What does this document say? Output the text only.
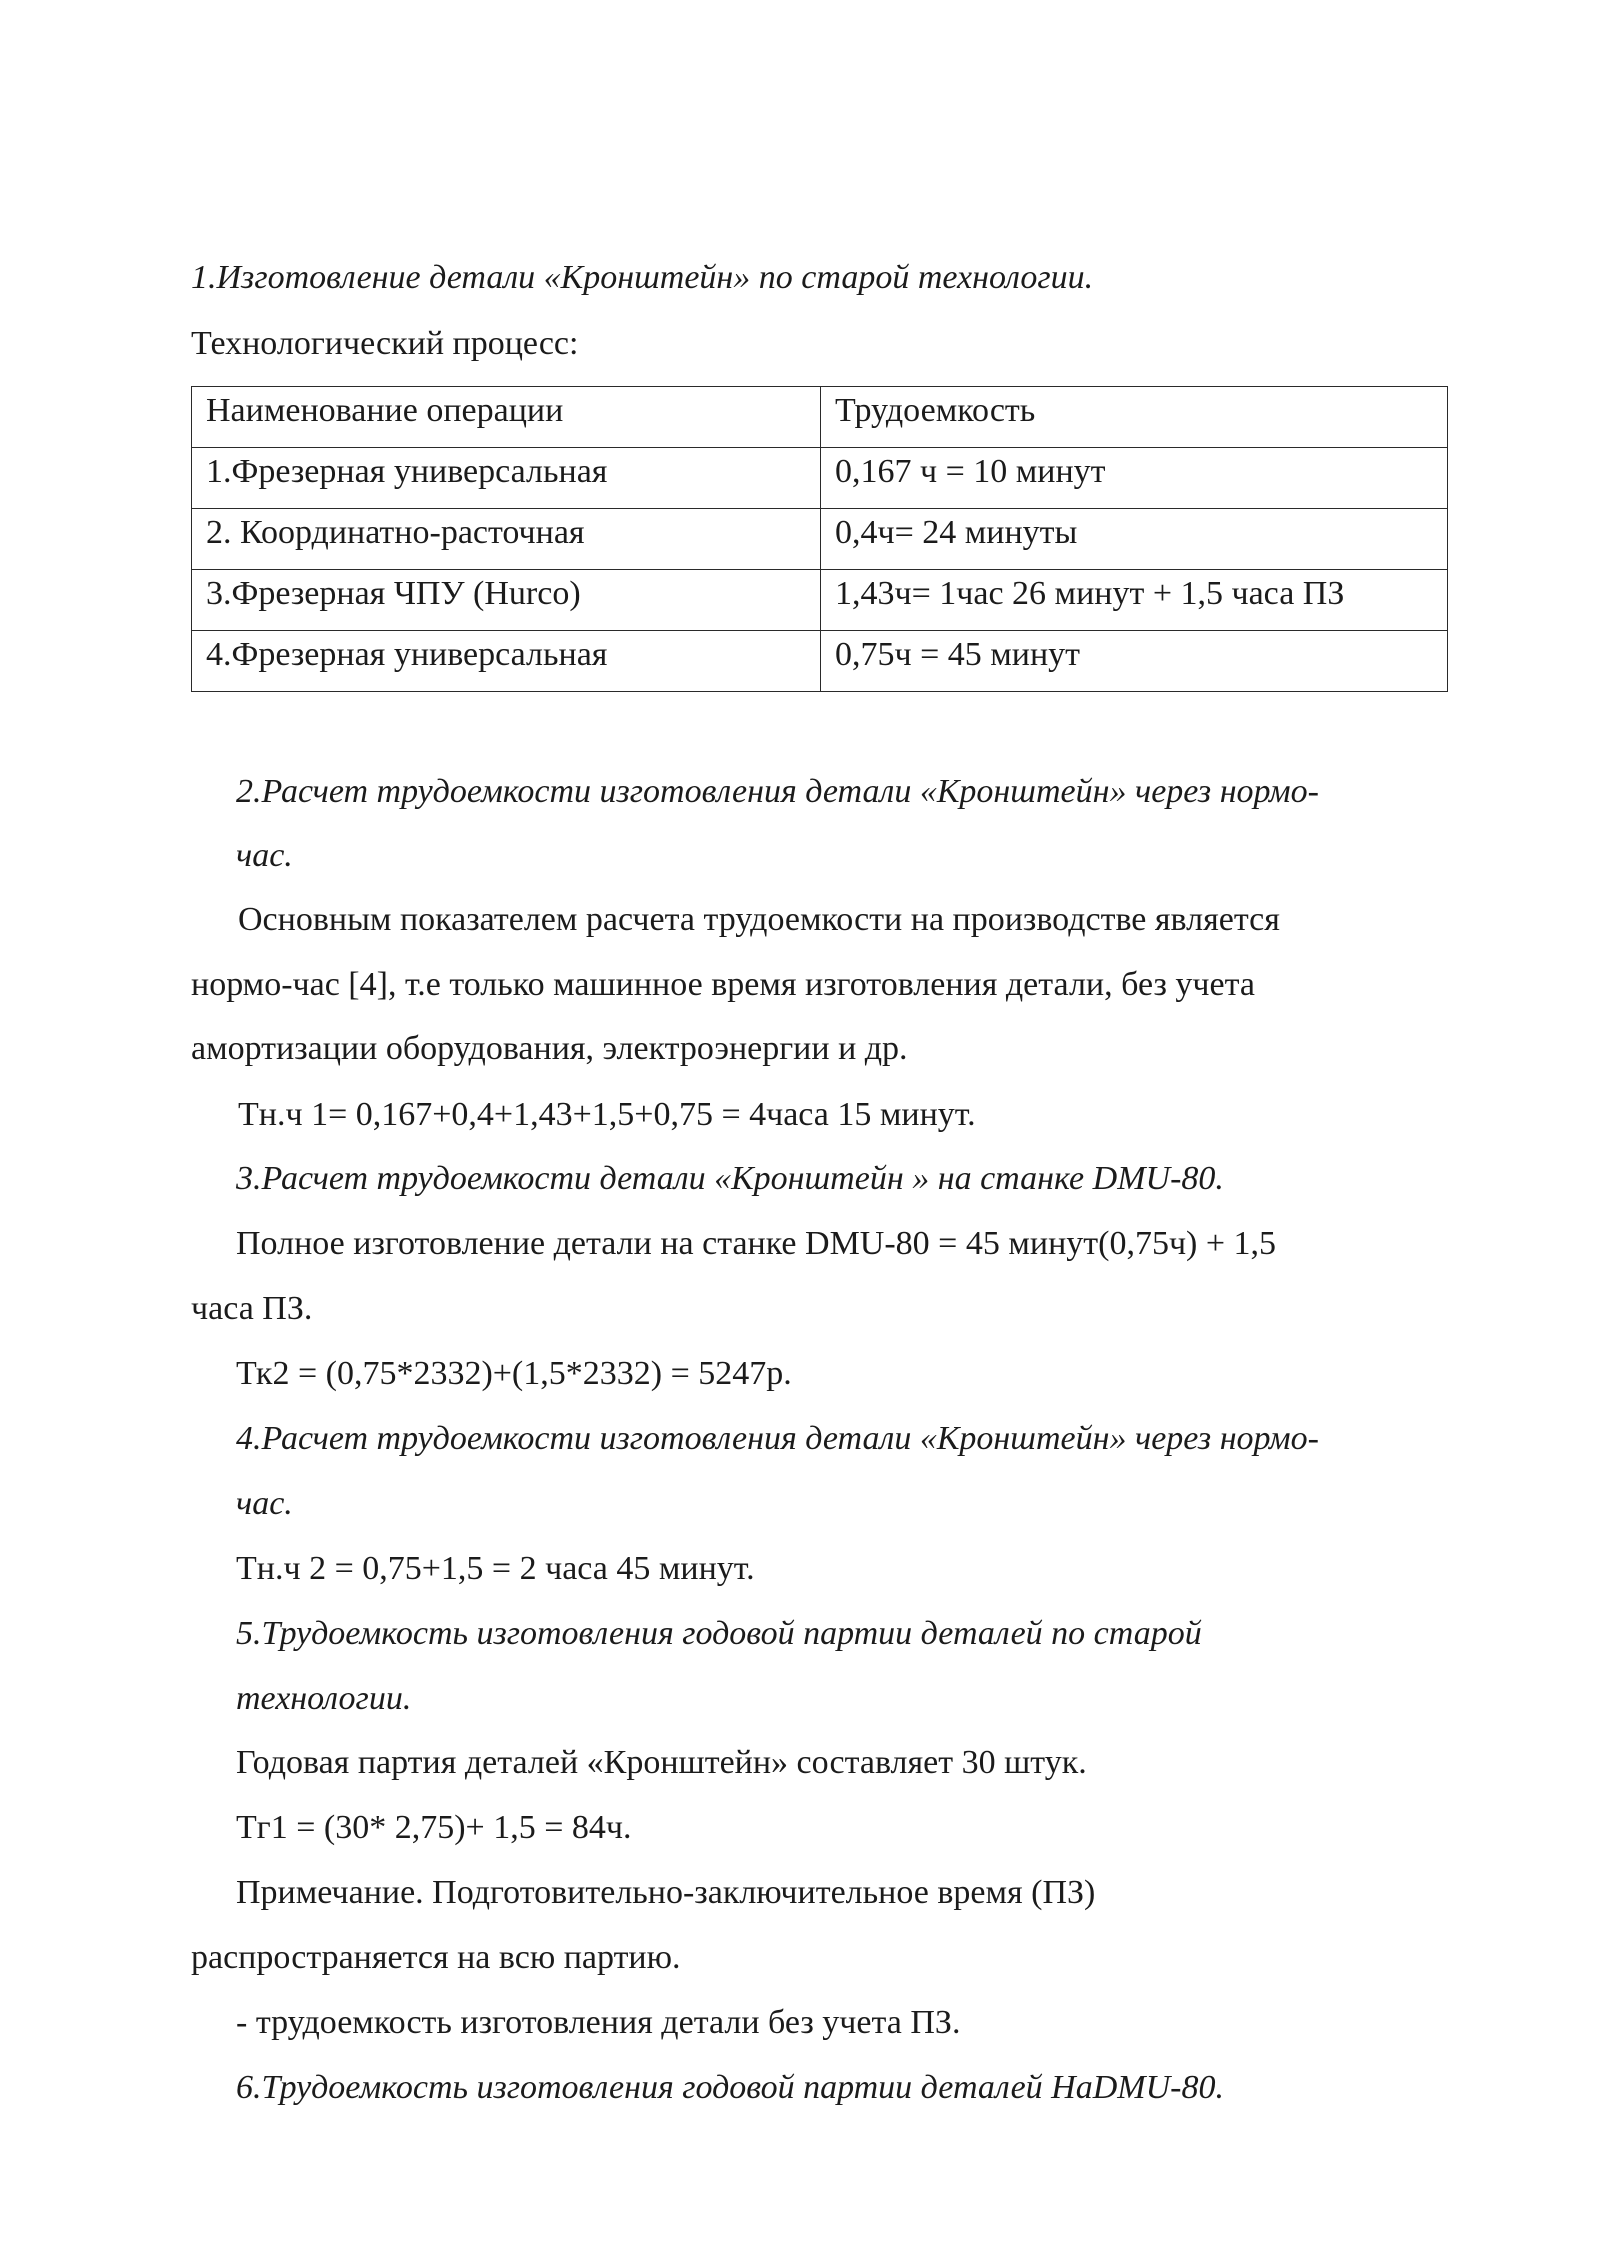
1.Изготовление детали «Кронштейн» по старой технологии.
Технологический процесс:
Наименование операции	Трудоемкость
1.Фрезерная универсальная	0,167 ч = 10 минут
2. Координатно-расточная	0,4ч= 24 минуты
3.Фрезерная ЧПУ (Hurco)	1,43ч= 1час 26 минут + 1,5 часа ПЗ
4.Фрезерная универсальная	0,75ч = 45 минут
2.Расчет трудоемкости изготовления детали «Кронштейн» через нормо-
час.
Основным показателем расчета трудоемкости на производстве является
нормо-час [4], т.е только машинное время изготовления детали, без учета
амортизации оборудования, электроэнергии и др.
Тн.ч 1= 0,167+0,4+1,43+1,5+0,75 = 4часа 15 минут.
3.Расчет трудоемкости детали «Кронштейн » на станке DMU-80.
Полное изготовление детали на станке DMU-80 = 45 минут(0,75ч) + 1,5
часа ПЗ.
Тк2 = (0,75*2332)+(1,5*2332) = 5247р.
4.Расчет трудоемкости изготовления детали «Кронштейн» через нормо-
час.
Тн.ч 2 = 0,75+1,5 = 2 часа 45 минут.
5.Трудоемкость изготовления годовой партии деталей по старой
технологии.
Годовая партия деталей «Кронштейн» составляет 30 штук.
Тг1 = (30* 2,75)+ 1,5 = 84ч.
Примечание. Подготовительно-заключительное время (ПЗ)
распространяется на всю партию.
- трудоемкость изготовления детали без учета ПЗ.
6.Трудоемкость изготовления годовой партии деталей НаDMU-80.
